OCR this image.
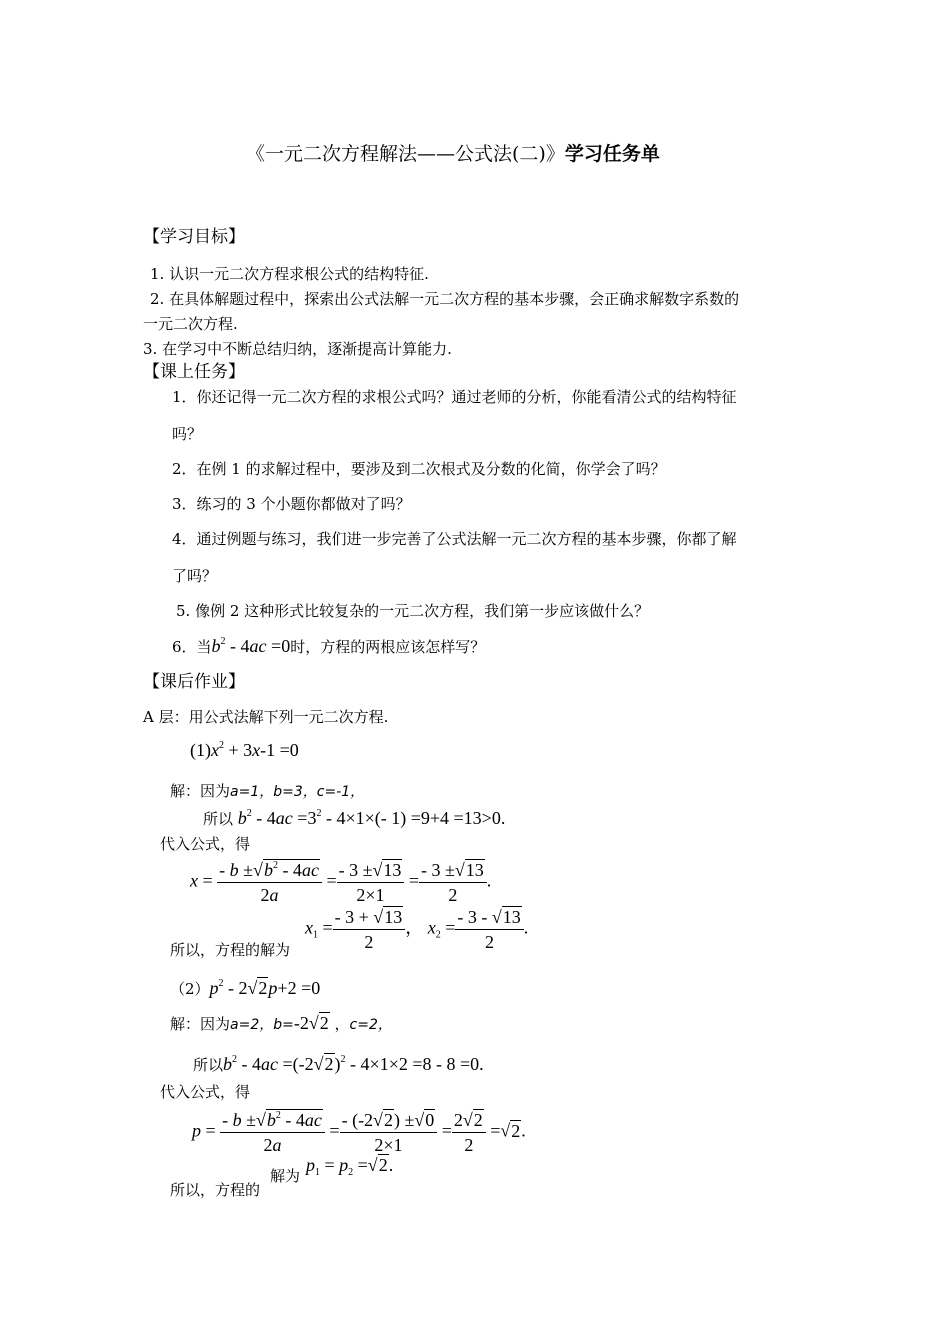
《一元二次方程解法——公式法(二)》学习任务单
【学习目标】
1. 认识一元二次方程求根公式的结构特征.
2. 在具体解题过程中，探索出公式法解一元二次方程的基本步骤，会正确求解数字系数的
一元二次方程.
3. 在学习中不断总结归纳，逐渐提高计算能力.
【课上任务】
1．你还记得一元二次方程的求根公式吗？通过老师的分析，你能看清公式的结构特征
吗？
2．在例 1 的求解过程中，要涉及到二次根式及分数的化简，你学会了吗？
3．练习的 3 个小题你都做对了吗？
4．通过例题与练习，我们进一步完善了公式法解一元二次方程的基本步骤，你都了解
了吗？
5. 像例 2 这种形式比较复杂的一元二次方程，我们第一步应该做什么？
6．当$b^2 - 4ac =0$时，方程的两根应该怎样写？
【课后作业】
A 层：用公式法解下列一元二次方程.
$(1)x^2 + 3x-1 =0$
解：因为a=1，b=3，c=-1，
所以 $b^2 - 4ac =3^2 - 4\times 1\times(-$ 1) =9+4 =13>0.
代入公式，得
$x = \frac{- b \pm√b^2 - 4ac}{2a} = \frac{- 3 \pm√13}{2\times 1} = \frac{- 3 \pm√13}{2}$ .
$x_1 = \frac{- 3 + √13}{2}$ ， $x_2 = \frac{- 3 - √13}{2}$ .
所以，方程的解为
$(2)p^2 - 2√2p+2 =0$
解：因为a=2，b=-2√2 ，c=2，
所以$b^2 - 4ac =(-2√2)^2 - 4\times 1\times 2 =8 - 8 =0$.
代入公式，得
$p = \frac{- b \pm√b^2 - 4ac}{2a} = \frac{- (-2√2) \pm√0}{2\times 1} = \frac{2√2}{2} =√2$.
所以，方程的
解为
$p_1 = p_2 =√2$.
